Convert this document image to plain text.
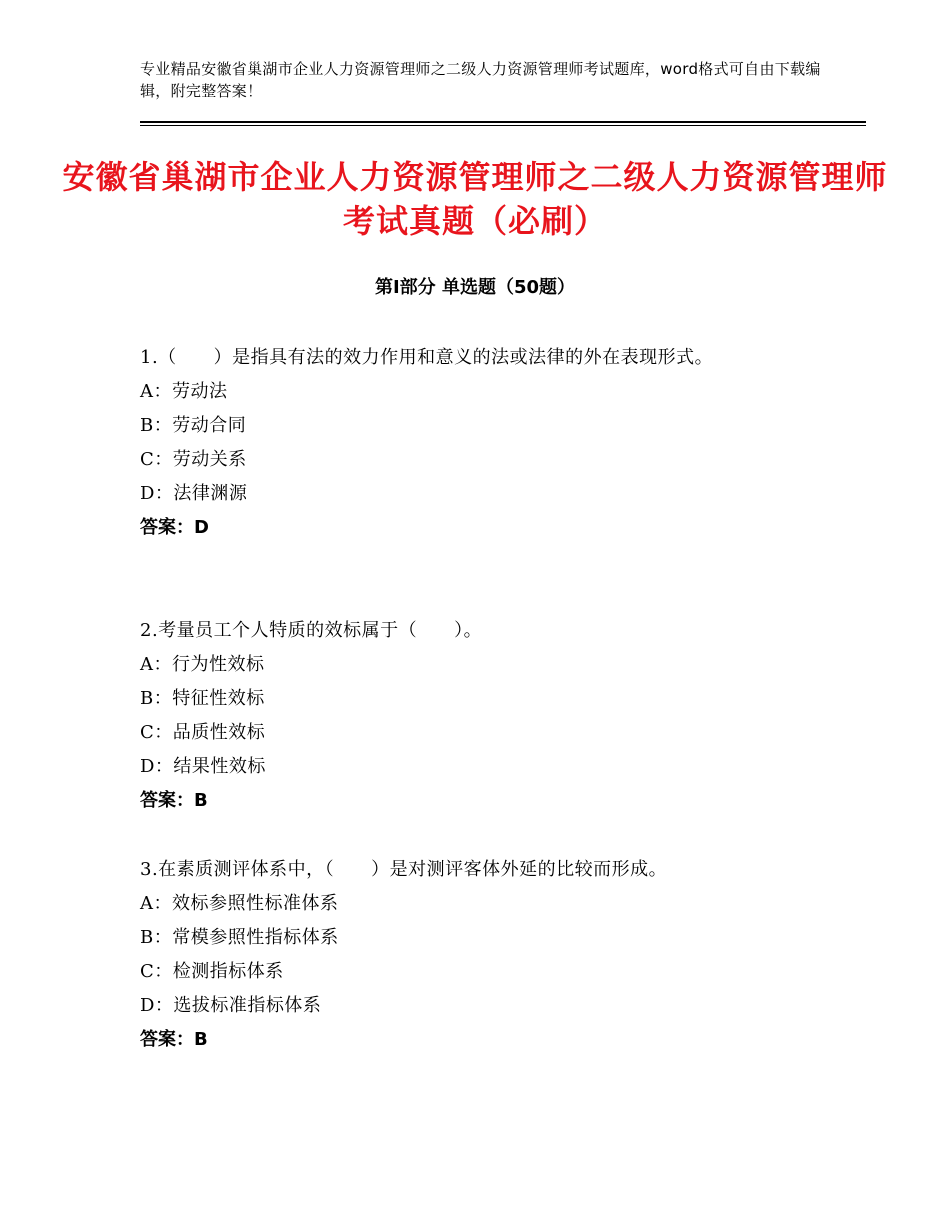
专业精品安徽省巢湖市企业人力资源管理师之二级人力资源管理师考试题库，word格式可自由下载编辑，附完整答案！
安徽省巢湖市企业人力资源管理师之二级人力资源管理师考试真题（必刷）
第Ⅰ部分 单选题（50题）
1.（　　）是指具有法的效力作用和意义的法或法律的外在表现形式。
A：劳动法
B：劳动合同
C：劳动关系
D：法律渊源
答案：D
2.考量员工个人特质的效标属于（　　）。
A：行为性效标
B：特征性效标
C：品质性效标
D：结果性效标
答案：B
3.在素质测评体系中，（　　）是对测评客体外延的比较而形成。
A：效标参照性标准体系
B：常模参照性指标体系
C：检测指标体系
D：选拔标准指标体系
答案：B
